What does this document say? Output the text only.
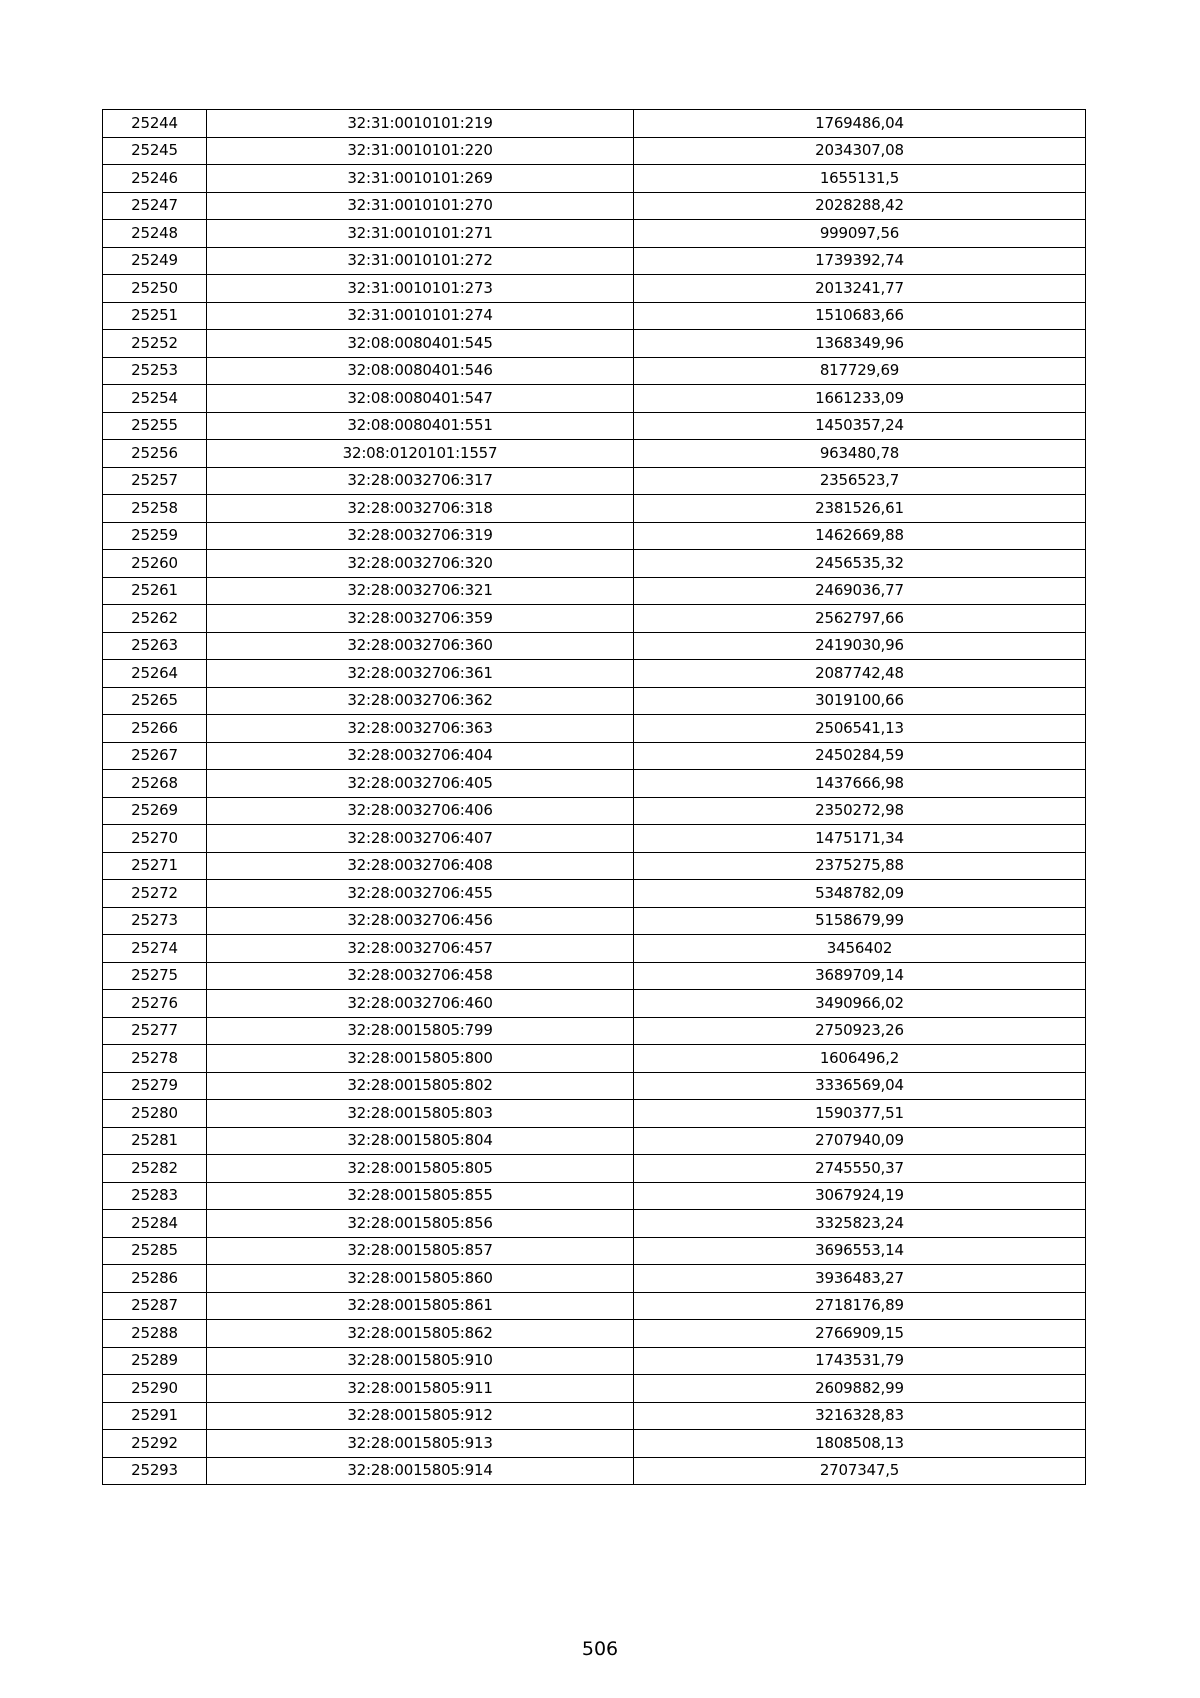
25244	32:31:0010101:219	1769486,04
25245	32:31:0010101:220	2034307,08
25246	32:31:0010101:269	1655131,5
25247	32:31:0010101:270	2028288,42
25248	32:31:0010101:271	999097,56
25249	32:31:0010101:272	1739392,74
25250	32:31:0010101:273	2013241,77
25251	32:31:0010101:274	1510683,66
25252	32:08:0080401:545	1368349,96
25253	32:08:0080401:546	817729,69
25254	32:08:0080401:547	1661233,09
25255	32:08:0080401:551	1450357,24
25256	32:08:0120101:1557	963480,78
25257	32:28:0032706:317	2356523,7
25258	32:28:0032706:318	2381526,61
25259	32:28:0032706:319	1462669,88
25260	32:28:0032706:320	2456535,32
25261	32:28:0032706:321	2469036,77
25262	32:28:0032706:359	2562797,66
25263	32:28:0032706:360	2419030,96
25264	32:28:0032706:361	2087742,48
25265	32:28:0032706:362	3019100,66
25266	32:28:0032706:363	2506541,13
25267	32:28:0032706:404	2450284,59
25268	32:28:0032706:405	1437666,98
25269	32:28:0032706:406	2350272,98
25270	32:28:0032706:407	1475171,34
25271	32:28:0032706:408	2375275,88
25272	32:28:0032706:455	5348782,09
25273	32:28:0032706:456	5158679,99
25274	32:28:0032706:457	3456402
25275	32:28:0032706:458	3689709,14
25276	32:28:0032706:460	3490966,02
25277	32:28:0015805:799	2750923,26
25278	32:28:0015805:800	1606496,2
25279	32:28:0015805:802	3336569,04
25280	32:28:0015805:803	1590377,51
25281	32:28:0015805:804	2707940,09
25282	32:28:0015805:805	2745550,37
25283	32:28:0015805:855	3067924,19
25284	32:28:0015805:856	3325823,24
25285	32:28:0015805:857	3696553,14
25286	32:28:0015805:860	3936483,27
25287	32:28:0015805:861	2718176,89
25288	32:28:0015805:862	2766909,15
25289	32:28:0015805:910	1743531,79
25290	32:28:0015805:911	2609882,99
25291	32:28:0015805:912	3216328,83
25292	32:28:0015805:913	1808508,13
25293	32:28:0015805:914	2707347,5
506
